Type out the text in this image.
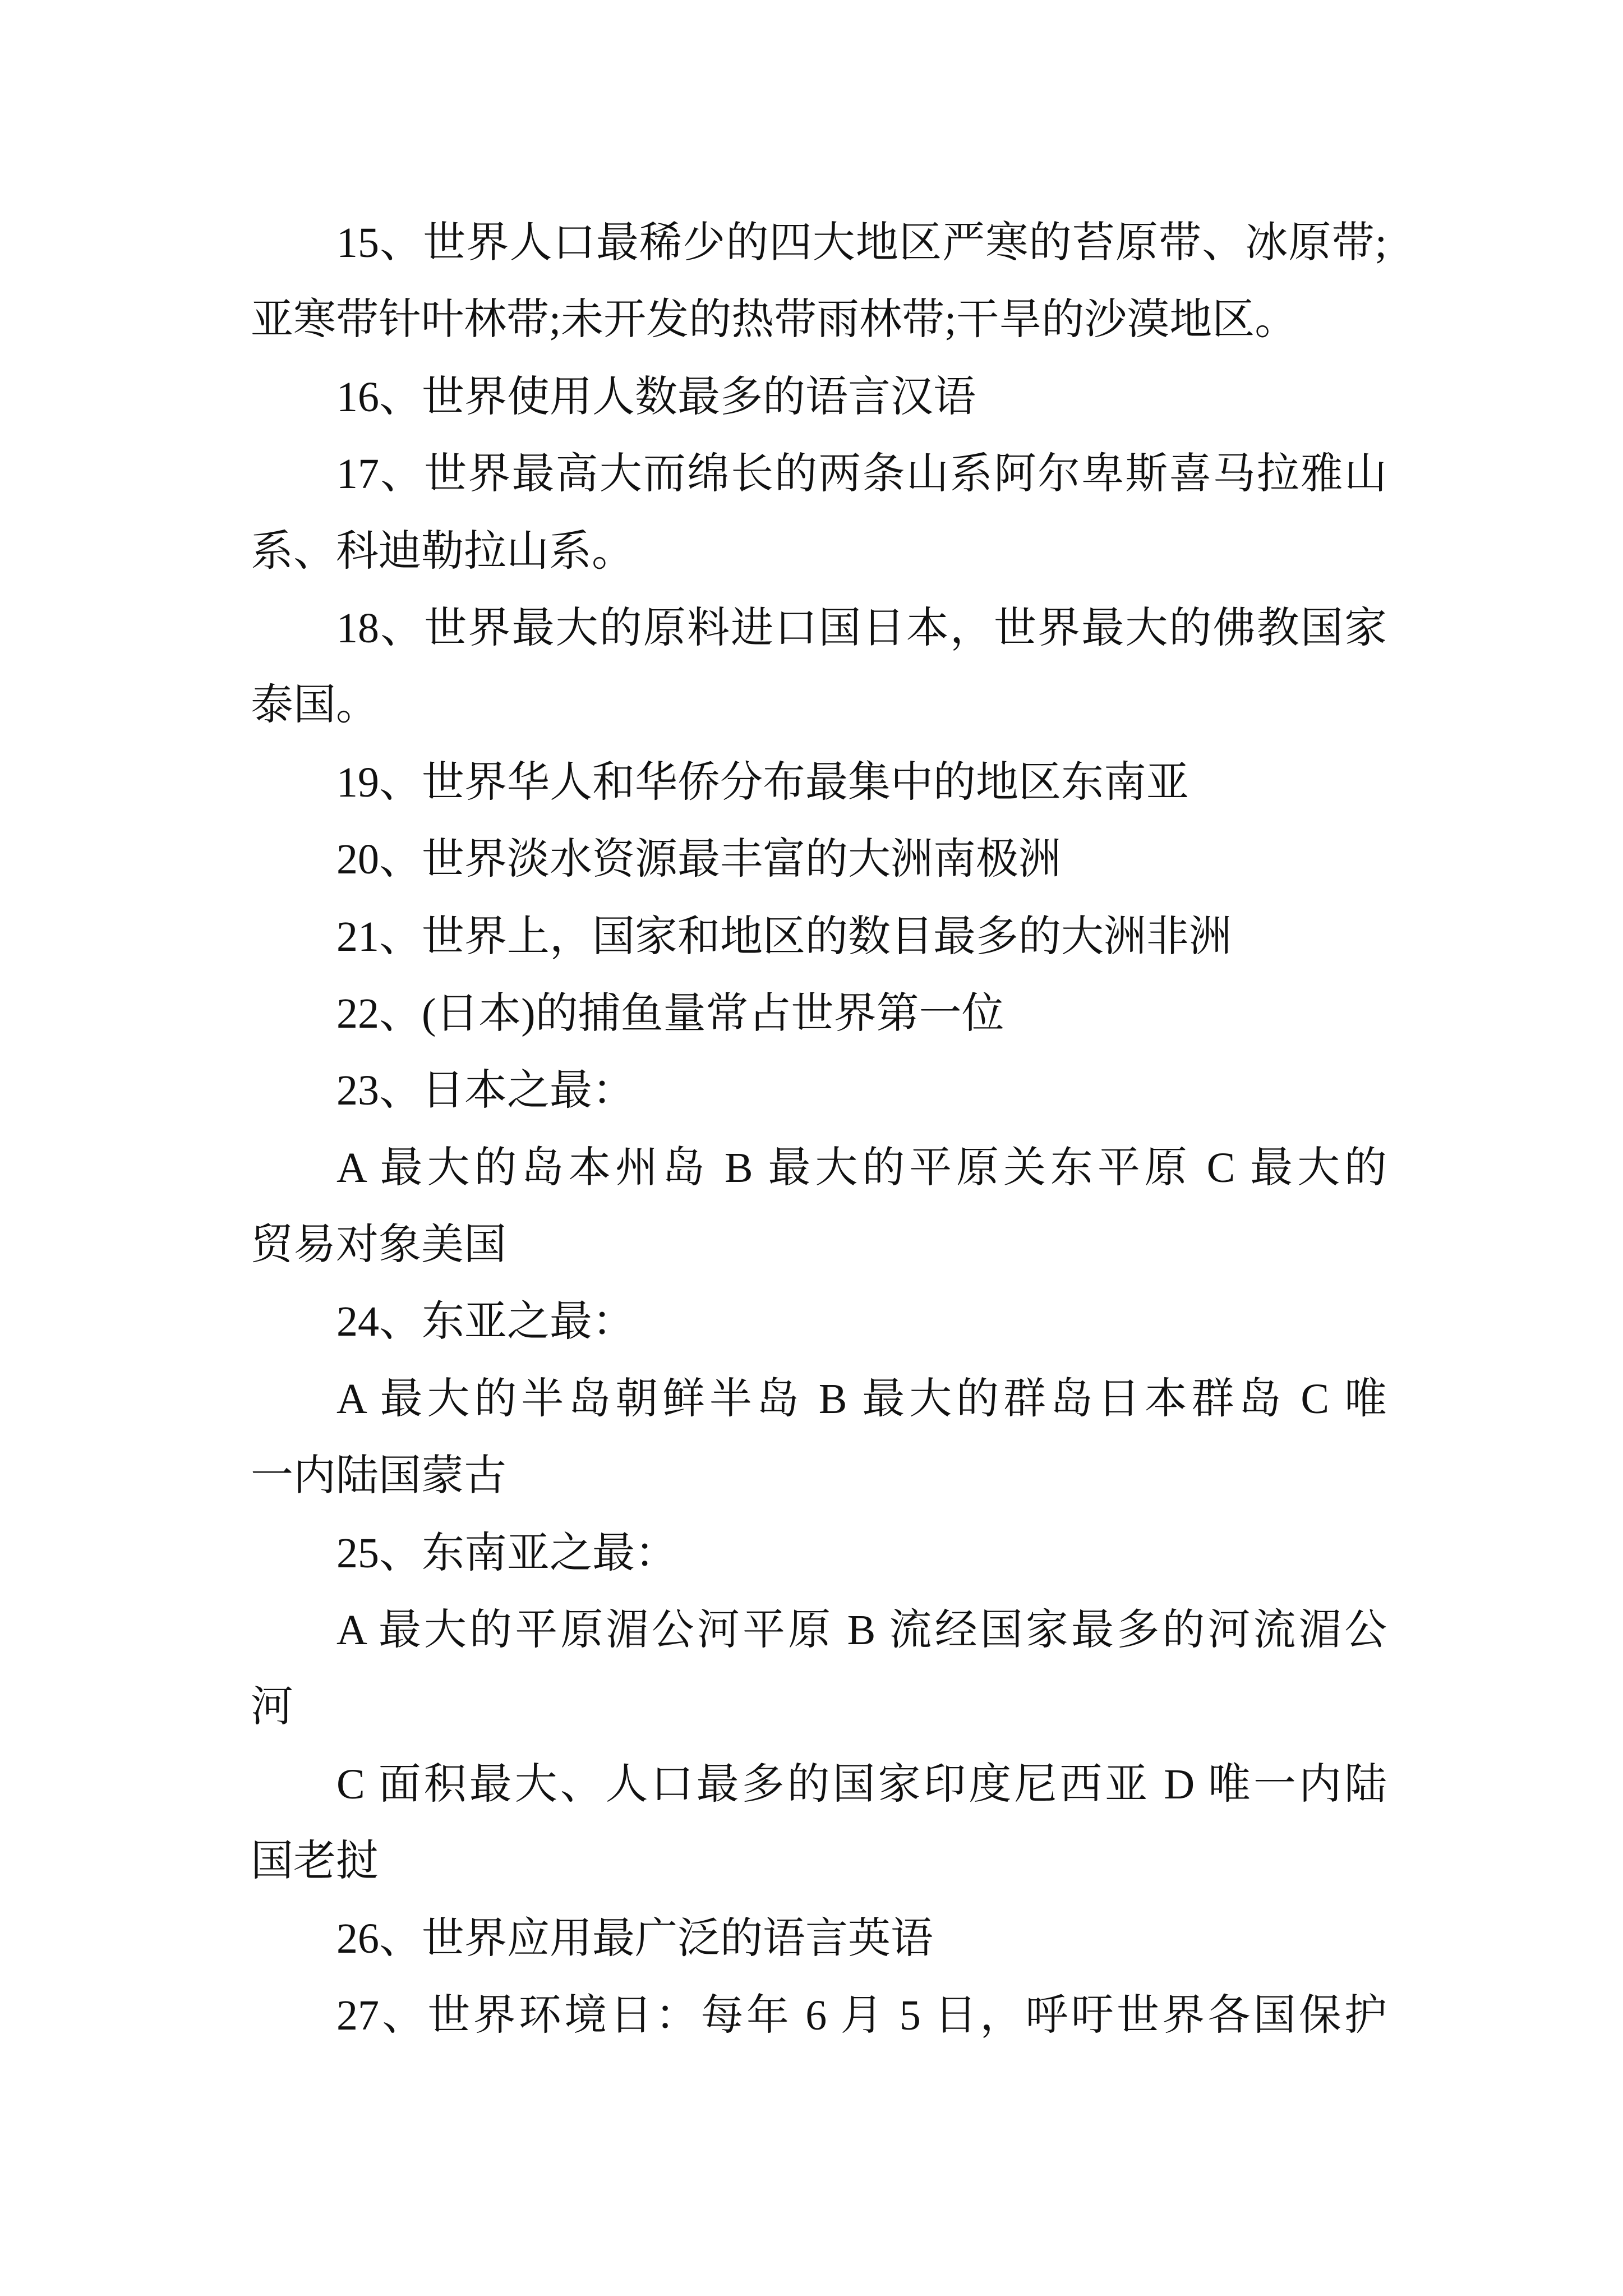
15、世界人口最稀少的四大地区严寒的苔原带、冰原带;
亚寒带针叶林带;未开发的热带雨林带;干旱的沙漠地区。
16、世界使用人数最多的语言汉语
17、世界最高大而绵长的两条山系阿尔卑斯喜马拉雅山
系、科迪勒拉山系。
18、世界最大的原料进口国日本，世界最大的佛教国家
泰国。
19、世界华人和华侨分布最集中的地区东南亚
20、世界淡水资源最丰富的大洲南极洲
21、世界上，国家和地区的数目最多的大洲非洲
22、(日本)的捕鱼量常占世界第一位
23、日本之最：
A 最大的岛本州岛 B 最大的平原关东平原 C 最大的
贸易对象美国
24、东亚之最：
A 最大的半岛朝鲜半岛 B 最大的群岛日本群岛 C 唯
一内陆国蒙古
25、东南亚之最：
A 最大的平原湄公河平原 B 流经国家最多的河流湄公
河
C 面积最大、人口最多的国家印度尼西亚 D 唯一内陆
国老挝
26、世界应用最广泛的语言英语
27、世界环境日：每年 6 月 5 日，呼吁世界各国保护
